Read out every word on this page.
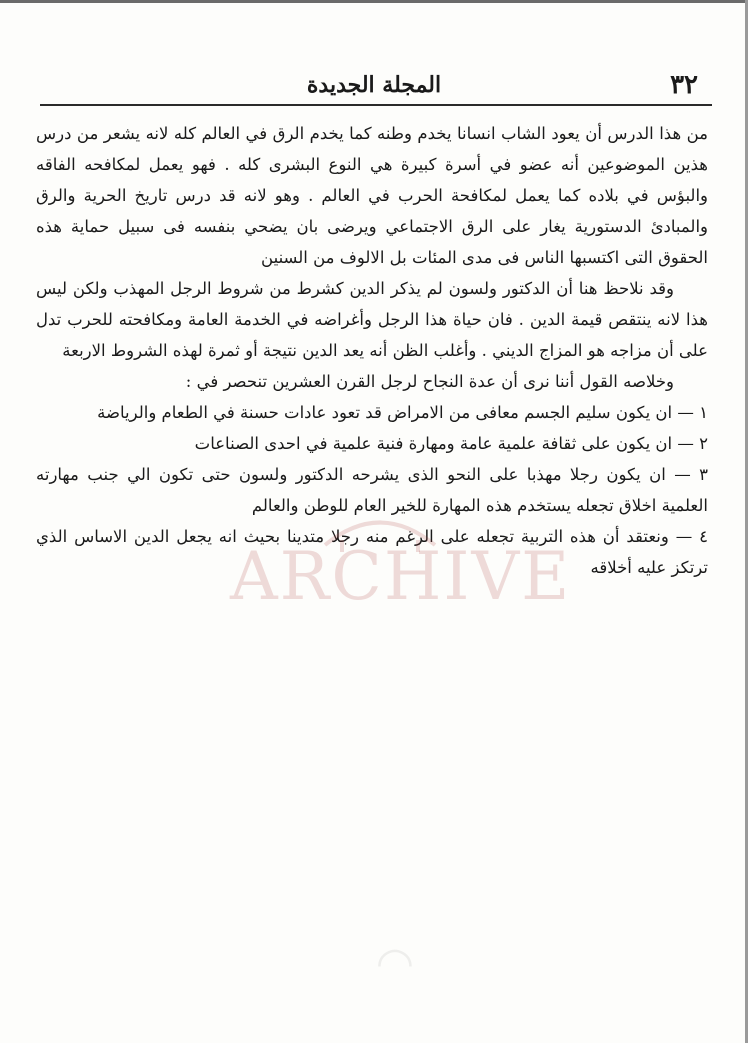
٣٢
المجلة الجديدة

من هذا الدرس أن يعود الشاب انسانا يخدم وطنه كما يخدم الرق في العالم كله لانه يشعر من درس هذين الموضوعين أنه عضو في أسرة كبيرة هي النوع البشرى كله . فهو يعمل لمكافحه الفاقه والبؤس في بلاده كما يعمل لمكافحة الحرب في العالم . وهو لانه قد درس تاريخ الحرية والرق والمبادئ الدستورية يغار على الرق الاجتماعي ويرضى بان يضحي بنفسه فى سبيل حماية هذه الحقوق التى اكتسبها الناس فى مدى المئات بل الالوف من السنين

وقد نلاحظ هنا أن الدكتور ولسون لم يذكر الدين كشرط من شروط الرجل المهذب ولكن ليس هذا لانه ينتقص قيمة الدين . فان حياة هذا الرجل وأغراضه في الخدمة العامة ومكافحته للحرب تدل على أن مزاجه هو المزاج الديني . وأغلب الظن أنه يعد الدين نتيجة أو ثمرة لهذه الشروط الاربعة

وخلاصه القول أننا نرى أن عدة النجاح لرجل القرن العشرين تنحصر في :

١ — ان يكون سليم الجسم معافى من الامراض قد تعود عادات حسنة في الطعام والرياضة

٢ — ان يكون على ثقافة علمية عامة ومهارة فنية علمية في احدى الصناعات

٣ — ان يكون رجلا مهذبا على النحو الذى يشرحه الدكتور ولسون حتى تكون الي جنب مهارته العلمية اخلاق تجعله يستخدم هذه المهارة للخير العام للوطن والعالم

٤ — ونعتقد أن هذه التربية تجعله على الرغم منه رجلا متدينا بحيث انه يجعل الدين الاساس الذي ترتكز عليه أخلاقه

ARCHIVE
◠
